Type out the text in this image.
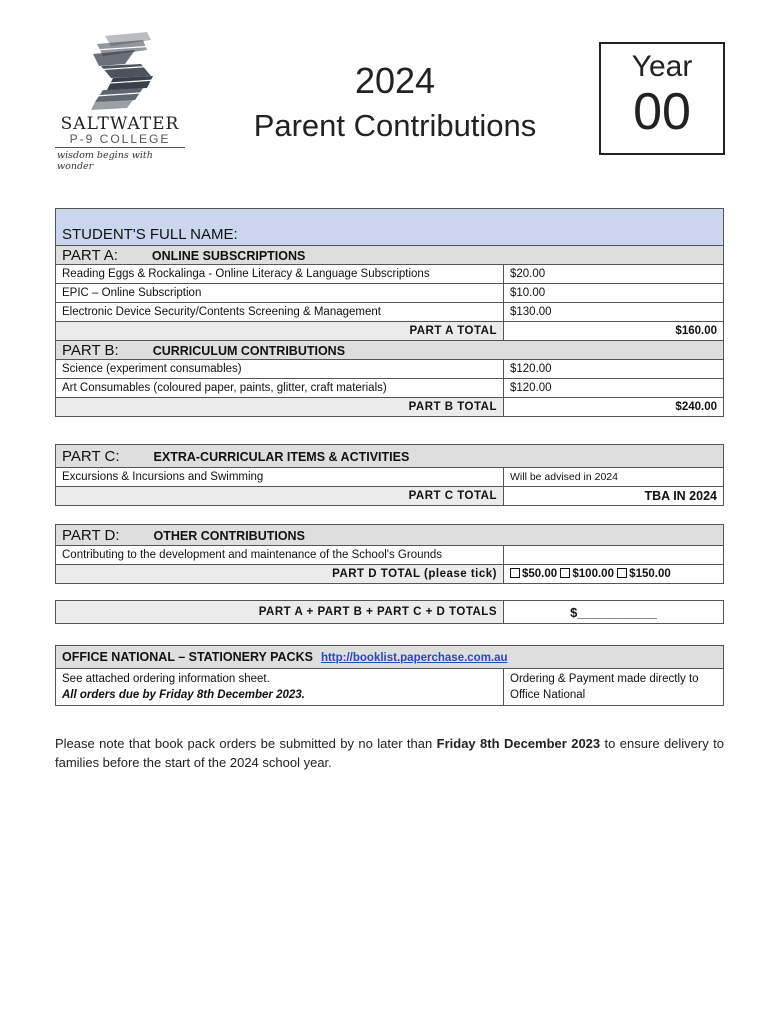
SALTWATER
P-9 COLLEGE
wisdom begins with wonder
2024
Parent Contributions
Year
00
STUDENT'S FULL NAME:	
PART A: ONLINE SUBSCRIPTIONS	
Reading Eggs & Rockalinga - Online Literacy & Language Subscriptions	$20.00
EPIC – Online Subscription	$10.00
Electronic Device Security/Contents Screening & Management	$130.00
PART A TOTAL	$160.00
PART B: CURRICULUM CONTRIBUTIONS	
Science (experiment consumables)	$120.00
Art Consumables (coloured paper, paints, glitter, craft materials)	$120.00
PART B TOTAL	$240.00
PART C: EXTRA-CURRICULAR ITEMS & ACTIVITIES	
Excursions & Incursions and Swimming	Will be advised in 2024
PART C TOTAL	TBA IN 2024
PART D: OTHER CONTRIBUTIONS	
Contributing to the development and maintenance of the School's Grounds	
PART D TOTAL (please tick)	$50.00 $100.00 $150.00
PART A + PART B + PART C + D TOTALS	$___________
OFFICE NATIONAL – STATIONERY PACKS http://booklist.paperchase.com.au

See attached ordering information sheet.
All orders due by Friday 8th December 2023.
	Ordering & Payment made directly to Office National
Please note that book pack orders be submitted by no later than Friday 8th December 2023 to ensure delivery to families before the start of the 2024 school year.
